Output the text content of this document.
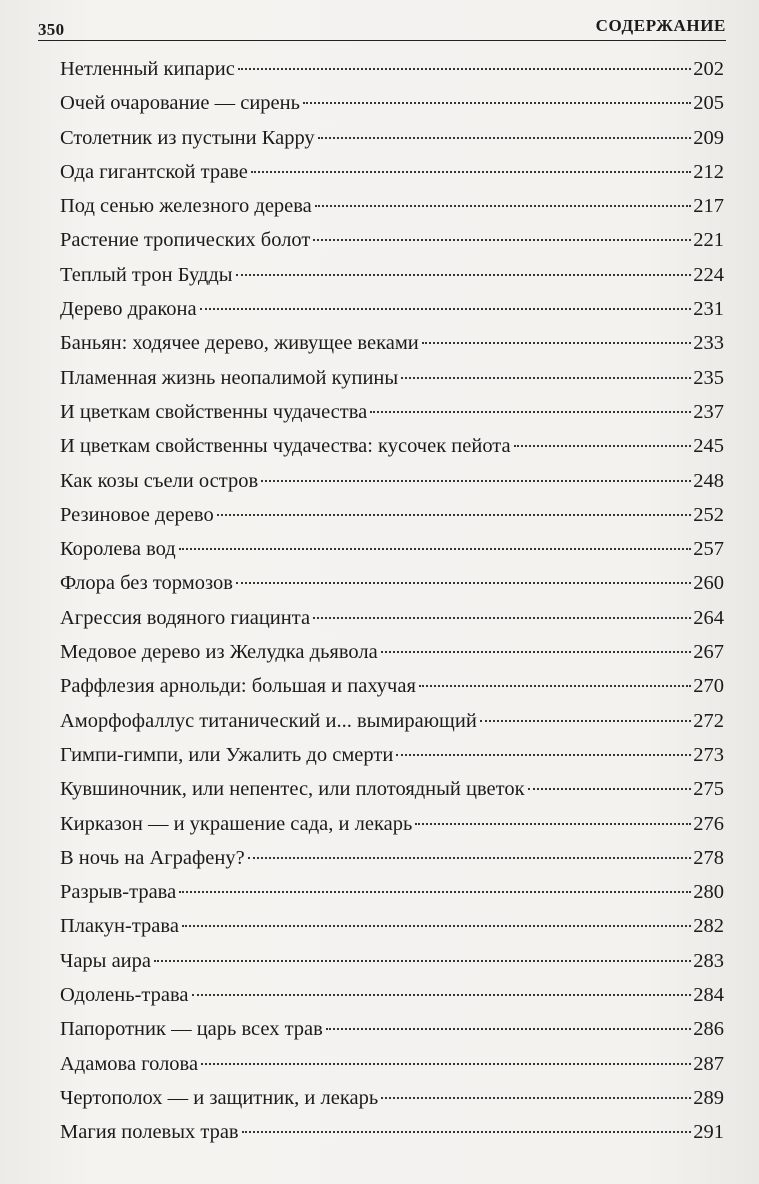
350	СОДЕРЖАНИЕ
Нетленный кипарис	202
Очей очарование — сирень	205
Столетник из пустыни Карру	209
Ода гигантской траве	212
Под сенью железного дерева	217
Растение тропических болот	221
Теплый трон Будды	224
Дерево дракона	231
Баньян: ходячее дерево, живущее веками	233
Пламенная жизнь неопалимой купины	235
И цветкам свойственны чудачества	237
И цветкам свойственны чудачества: кусочек пейота	245
Как козы съели остров	248
Резиновое дерево	252
Королева вод	257
Флора без тормозов	260
Агрессия водяного гиацинта	264
Медовое дерево из Желудка дьявола	267
Раффлезия арнольди: большая и пахучая	270
Аморфофаллус титанический и... вымирающий	272
Гимпи-гимпи, или Ужалить до смерти	273
Кувшиночник, или непентес, или плотоядный цветок	275
Кирказон — и украшение сада, и лекарь	276
В ночь на Аграфену?	278
Разрыв-трава	280
Плакун-трава	282
Чары аира	283
Одолень-трава	284
Папоротник — царь всех трав	286
Адамова голова	287
Чертополох — и защитник, и лекарь	289
Магия полевых трав	291
